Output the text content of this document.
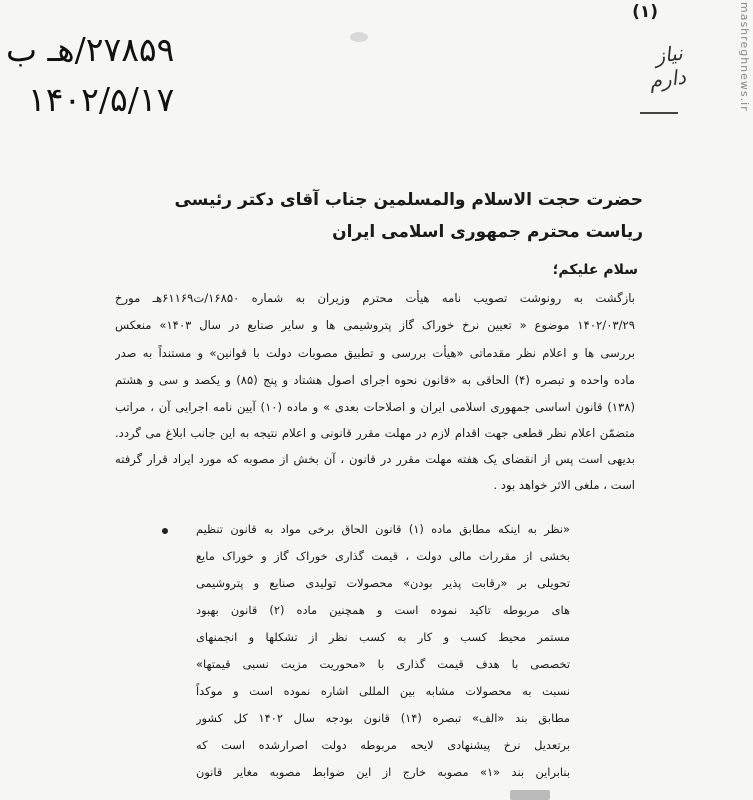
(۱)
نیاز دارم	mashreghnews.ir
۲۷۸۵۹/هـ ب
۱۴۰۲/۵/۱۷
حضرت حجت الاسلام والمسلمین جناب آقای دکتر رئیسی
ریاست محترم جمهوری اسلامی ایران
سلام علیکم؛
بازگشت به رونوشت تصویب نامه هیأت محترم وزیران به شماره ۱۶۸۵۰/ت۶۱۱۶۹هـ مورخ
۱۴۰۲/۰۳/۲۹ موضوع « تعیین نرخ خوراک گاز پتروشیمی ها و سایر صنایع در سال ۱۴۰۳» منعکس
بررسی ها و اعلام نظر مقدماتی «هیأت بررسی و تطبیق مصوبات دولت با قوانین» و مستنداً به صدر
ماده واحده و تبصره (۴) الحاقی به «قانون نحوه اجرای اصول هشتاد و پنج (۸۵) و یکصد و سی و هشتم
(۱۳۸) قانون اساسی جمهوری اسلامی ایران و اصلاحات بعدی » و ماده (۱۰) آیین نامه اجرایی آن ، مراتب
متضمّن اعلام نظر قطعی جهت اقدام لازم در مهلت مقرر قانونی و اعلام نتیجه به این جانب ابلاغ می گردد.
بدیهی است پس از انقضای یک هفته مهلت مقرر در قانون ، آن بخش از مصوبه که مورد ایراد قرار گرفته
است ، ملغی الاثر خواهد بود .
«نظر به اینکه مطابق ماده (۱) قانون الحاق برخی مواد به قانون تنظیم
بخشی از مقررات مالی دولت ، قیمت گذاری خوراک گاز و خوراک مایع
تحویلی بر «رقابت پذیر بودن» محصولات تولیدی صنایع و پتروشیمی
های مربوطه تاکید نموده است و همچنین ماده (۲) قانون بهبود
مستمر محیط کسب و کار به کسب نظر از تشکلها و انجمنهای
تخصصی با هدف قیمت گذاری با «محوریت مزیت نسبی قیمتها»
نسبت به محصولات مشابه بین المللی اشاره نموده است و موکداً
مطابق بند «الف» تبصره (۱۴) قانون بودجه سال ۱۴۰۲ کل کشور
برتعدیل نرخ پیشنهادی لایحه مربوطه دولت اصرارشده است که
بنابراین بند «۱» مصوبه خارج از این ضوابط مصوبه مغایر قانون
